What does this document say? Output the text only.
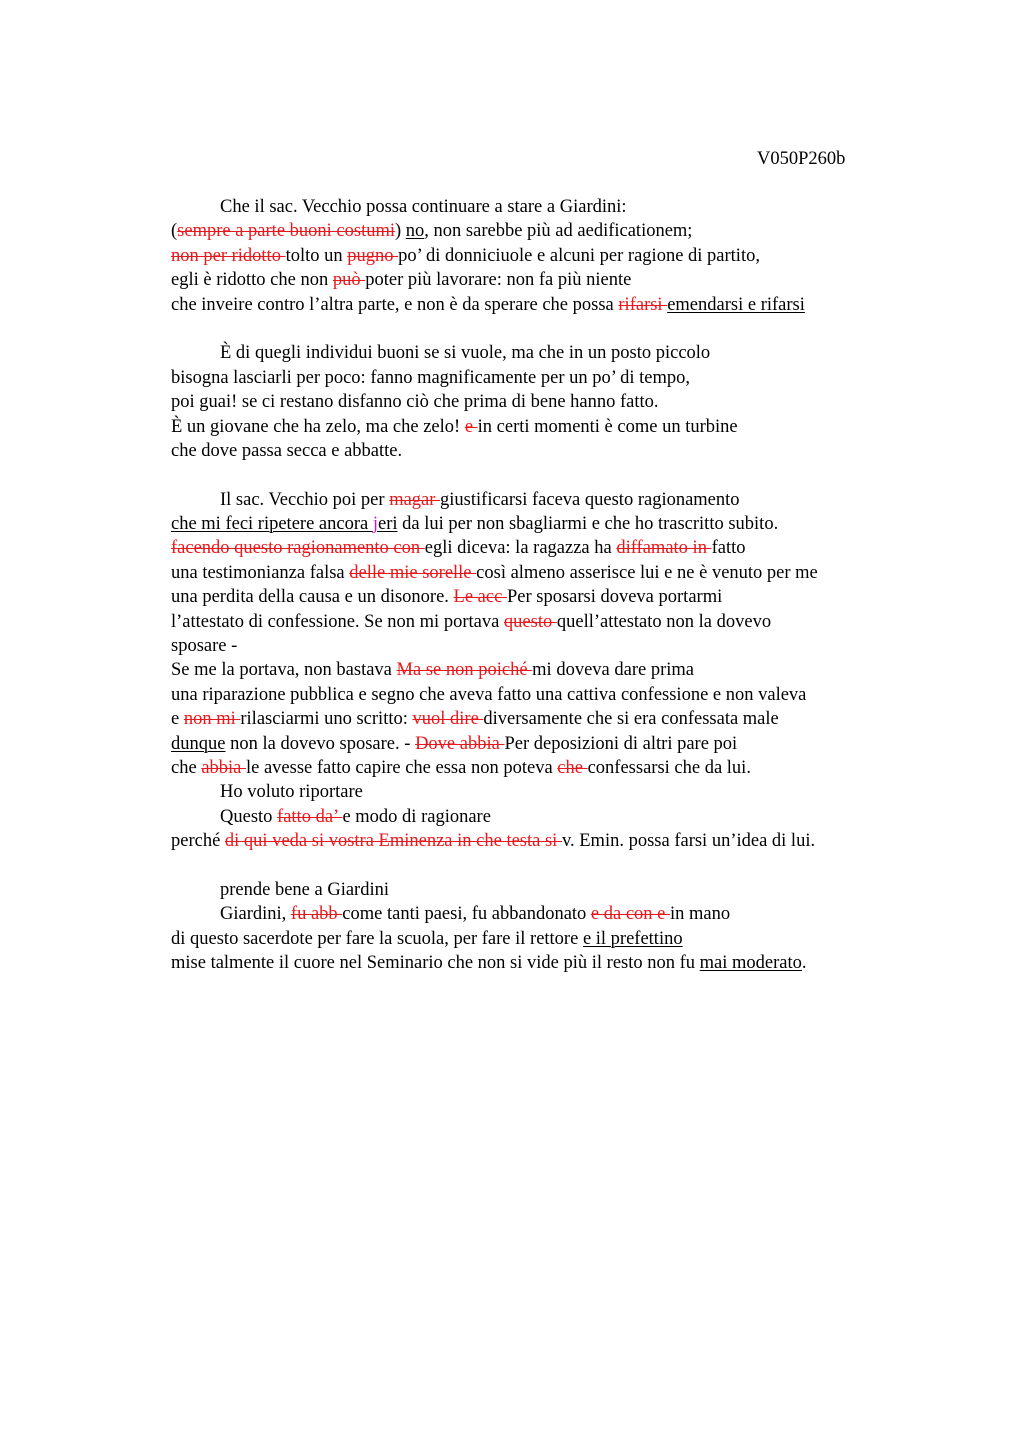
V050P260b
Che il sac. Vecchio possa continuare a stare a Giardini:
(sempre a parte buoni costumi) no, non sarebbe più ad aedificationem;
non per ridotto tolto un pugno po’ di donniciuole e alcuni per ragione di partito,
egli è ridotto che non può poter più lavorare: non fa più niente
che inveire contro l’altra parte, e non è da sperare che possa rifarsi emendarsi e rifarsi
È di quegli individui buoni se si vuole, ma che in un posto piccolo
bisogna lasciarli per poco: fanno magnificamente per un po’ di tempo,
poi guai! se ci restano disfanno ciò che prima di bene hanno fatto.
È un giovane che ha zelo, ma che zelo! e in certi momenti è come un turbine
che dove passa secca e abbatte.
Il sac. Vecchio poi per magar giustificarsi faceva questo ragionamento
che mi feci ripetere ancora jeri da lui per non sbagliarmi e che ho trascritto subito.
facendo questo ragionamento con egli diceva: la ragazza ha diffamato in fatto
una testimonianza falsa delle mie sorelle così almeno asserisce lui e ne è venuto per me
una perdita della causa e un disonore. Le acc Per sposarsi doveva portarmi
l’attestato di confessione. Se non mi portava questo quell’attestato non la dovevo
sposare -
Se me la portava, non bastava Ma se non poiché mi doveva dare prima
una riparazione pubblica e segno che aveva fatto una cattiva confessione e non valeva
e non mi rilasciarmi uno scritto: vuol dire diversamente che si era confessata male
dunque non la dovevo sposare. - Dove abbia Per deposizioni di altri pare poi
che abbia le avesse fatto capire che essa non poteva che confessarsi che da lui.
Ho voluto riportare
Questo fatto da’ e modo di ragionare
perché di qui veda si vostra Eminenza in che testa si v. Emin. possa farsi un’idea di lui.
prende bene a Giardini
Giardini, fu abb come tanti paesi, fu abbandonato e da con e in mano
di questo sacerdote per fare la scuola, per fare il rettore e il prefettino
mise talmente il cuore nel Seminario che non si vide più il resto non fu mai moderato.
